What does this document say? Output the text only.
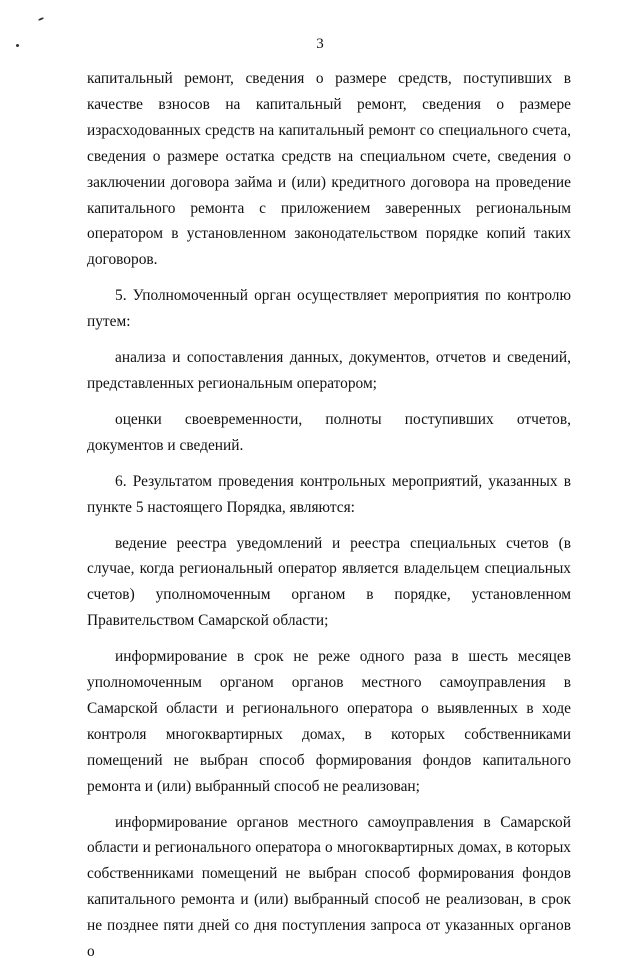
3

капитальный ремонт, сведения о размере средств, поступивших в качестве взносов на капитальный ремонт, сведения о размере израсходованных средств на капитальный ремонт со специального счета, сведения о размере остатка средств на специальном счете, сведения о заключении договора займа и (или) кредитного договора на проведение капитального ремонта с приложением заверенных региональным оператором в установленном законодательством порядке копий таких договоров.

5. Уполномоченный орган осуществляет мероприятия по контролю путем:

анализа и сопоставления данных, документов, отчетов и сведений, представленных региональным оператором;

оценки своевременности, полноты поступивших отчетов, документов и сведений.

6. Результатом проведения контрольных мероприятий, указанных в пункте 5 настоящего Порядка, являются:

ведение реестра уведомлений и реестра специальных счетов (в случае, когда региональный оператор является владельцем специальных счетов) уполномоченным органом в порядке, установленном Правительством Самарской области;

информирование в срок не реже одного раза в шесть месяцев уполномоченным органом органов местного самоуправления в Самарской области и регионального оператора о выявленных в ходе контроля многоквартирных домах, в которых собственниками помещений не выбран способ формирования фондов капитального ремонта и (или) выбранный способ не реализован;

информирование органов местного самоуправления в Самарской области и регионального оператора о многоквартирных домах, в которых собственниками помещений не выбран способ формирования фондов капитального ремонта и (или) выбранный способ не реализован, в срок не позднее пяти дней со дня поступления запроса от указанных органов о
